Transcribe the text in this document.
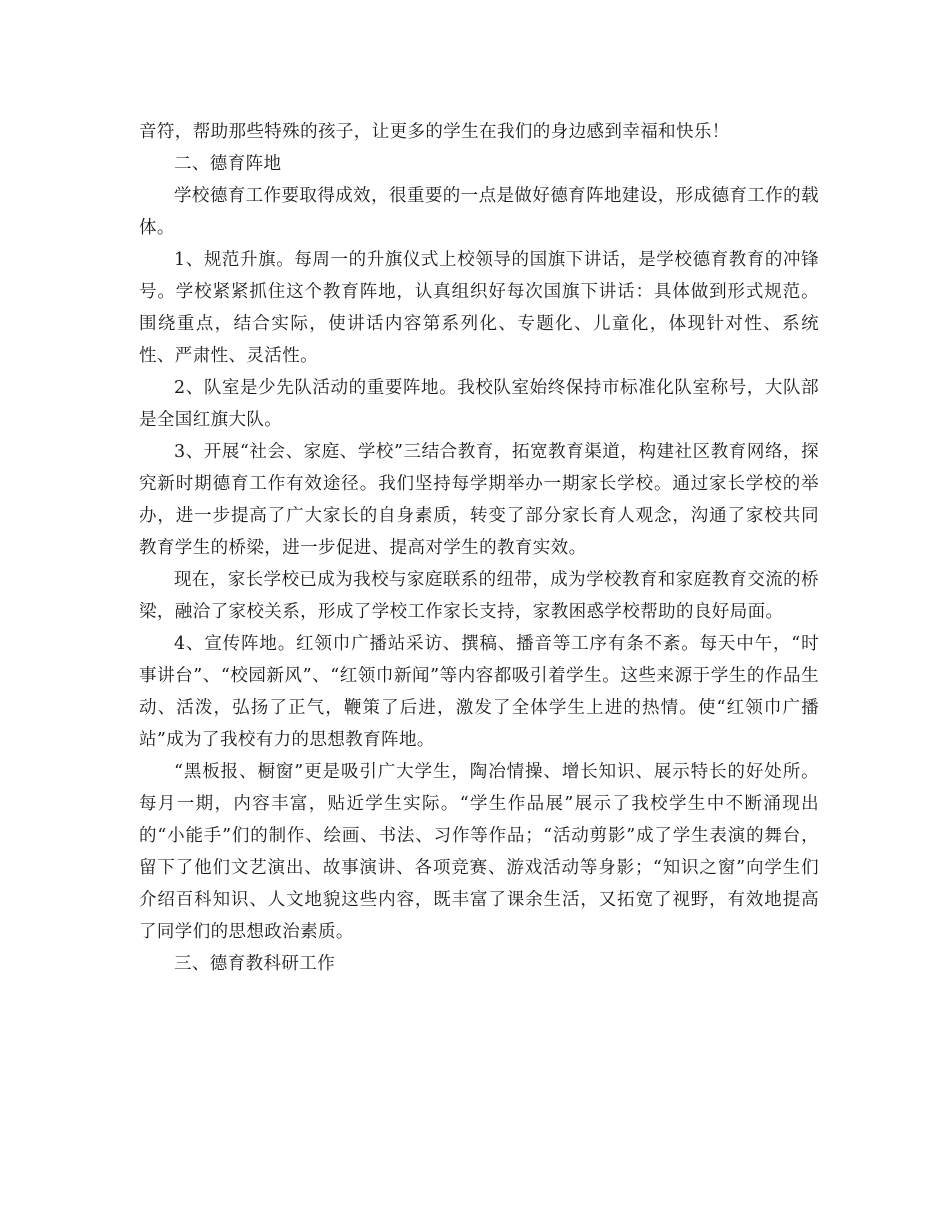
音符，帮助那些特殊的孩子，让更多的学生在我们的身边感到幸福和快乐！

二、德育阵地

学校德育工作要取得成效，很重要的一点是做好德育阵地建设，形成德育工作的载体。

1、规范升旗。每周一的升旗仪式上校领导的国旗下讲话，是学校德育教育的冲锋号。学校紧紧抓住这个教育阵地，认真组织好每次国旗下讲话：具体做到形式规范。围绕重点，结合实际，使讲话内容第系列化、专题化、儿童化，体现针对性、系统性、严肃性、灵活性。

2、队室是少先队活动的重要阵地。我校队室始终保持市标准化队室称号，大队部是全国红旗大队。

3、开展“社会、家庭、学校”三结合教育，拓宽教育渠道，构建社区教育网络，探究新时期德育工作有效途径。我们坚持每学期举办一期家长学校。通过家长学校的举办，进一步提高了广大家长的自身素质，转变了部分家长育人观念，沟通了家校共同教育学生的桥梁，进一步促进、提高对学生的教育实效。

现在，家长学校已成为我校与家庭联系的纽带，成为学校教育和家庭教育交流的桥梁，融洽了家校关系，形成了学校工作家长支持，家教困惑学校帮助的良好局面。

4、宣传阵地。红领巾广播站采访、撰稿、播音等工序有条不紊。每天中午，“时事讲台”、“校园新风”、“红领巾新闻”等内容都吸引着学生。这些来源于学生的作品生动、活泼，弘扬了正气，鞭策了后进，激发了全体学生上进的热情。使“红领巾广播站”成为了我校有力的思想教育阵地。

“黑板报、橱窗”更是吸引广大学生，陶冶情操、增长知识、展示特长的好处所。每月一期，内容丰富，贴近学生实际。“学生作品展”展示了我校学生中不断涌现出的“小能手”们的制作、绘画、书法、习作等作品；“活动剪影”成了学生表演的舞台，留下了他们文艺演出、故事演讲、各项竞赛、游戏活动等身影；“知识之窗”向学生们介绍百科知识、人文地貌这些内容，既丰富了课余生活，又拓宽了视野，有效地提高了同学们的思想政治素质。

三、德育教科研工作
